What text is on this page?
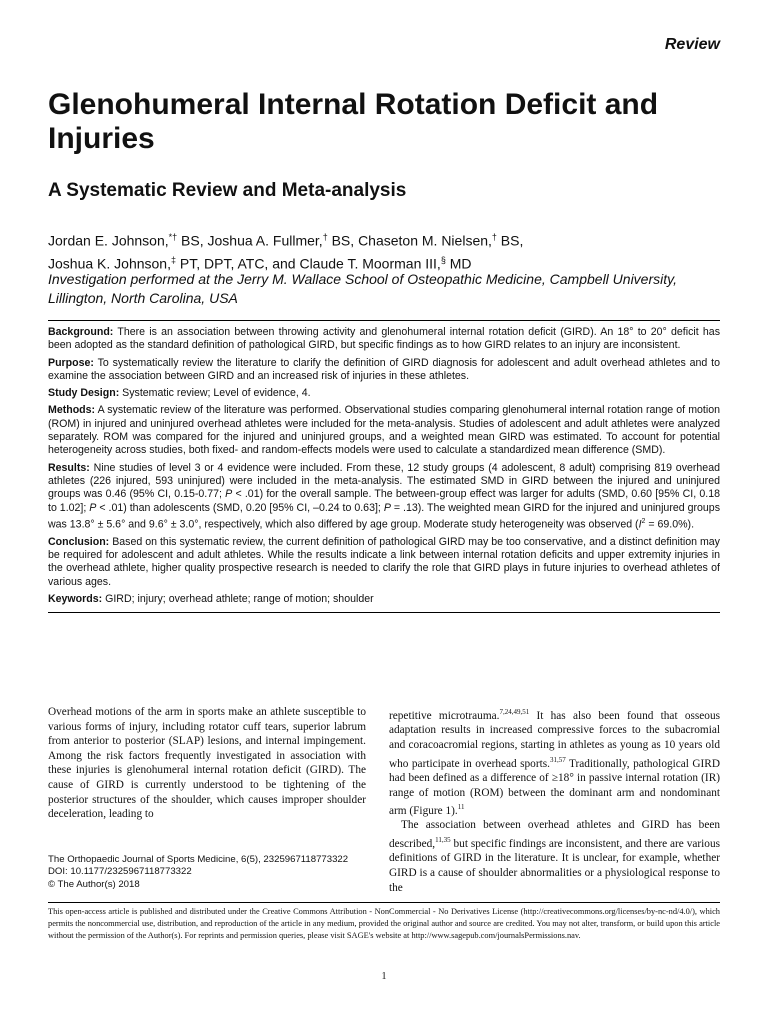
Review
Glenohumeral Internal Rotation Deficit and Injuries
A Systematic Review and Meta-analysis
Jordan E. Johnson,*† BS, Joshua A. Fullmer,† BS, Chaseton M. Nielsen,† BS,
Joshua K. Johnson,‡ PT, DPT, ATC, and Claude T. Moorman III,§ MD
Investigation performed at the Jerry M. Wallace School of Osteopathic Medicine, Campbell University, Lillington, North Carolina, USA

Background: There is an association between throwing activity and glenohumeral internal rotation deficit (GIRD). An 18° to 20° deficit has been adopted as the standard definition of pathological GIRD, but specific findings as to how GIRD relates to an injury are inconsistent.

Purpose: To systematically review the literature to clarify the definition of GIRD diagnosis for adolescent and adult overhead athletes and to examine the association between GIRD and an increased risk of injuries in these athletes.

Study Design: Systematic review; Level of evidence, 4.

Methods: A systematic review of the literature was performed. Observational studies comparing glenohumeral internal rotation range of motion (ROM) in injured and uninjured overhead athletes were included for the meta-analysis. Studies of adolescent and adult athletes were analyzed separately. ROM was compared for the injured and uninjured groups, and a weighted mean GIRD was estimated. To account for potential heterogeneity across studies, both fixed- and random-effects models were used to calculate a standardized mean difference (SMD).

Results: Nine studies of level 3 or 4 evidence were included. From these, 12 study groups (4 adolescent, 8 adult) comprising 819 overhead athletes (226 injured, 593 uninjured) were included in the meta-analysis. The estimated SMD in GIRD between the injured and uninjured groups was 0.46 (95% CI, 0.15-0.77; P < .01) for the overall sample. The between-group effect was larger for adults (SMD, 0.60 [95% CI, 0.18 to 1.02]; P < .01) than adolescents (SMD, 0.20 [95% CI, –0.24 to 0.63]; P = .13). The weighted mean GIRD for the injured and uninjured groups was 13.8° ± 5.6° and 9.6° ± 3.0°, respectively, which also differed by age group. Moderate study heterogeneity was observed $(I^2 = 69.0\%)$.

Conclusion: Based on this systematic review, the current definition of pathological GIRD may be too conservative, and a distinct definition may be required for adolescent and adult athletes. While the results indicate a link between internal rotation deficits and upper extremity injuries in the overhead athlete, higher quality prospective research is needed to clarify the role that GIRD plays in future injuries to overhead athletes of various ages.

Keywords: GIRD; injury; overhead athlete; range of motion; shoulder

Overhead motions of the arm in sports make an athlete susceptible to various forms of injury, including rotator cuff tears, superior labrum from anterior to posterior (SLAP) lesions, and internal impingement. Among the risk factors frequently investigated in association with these injuries is glenohumeral internal rotation deficit (GIRD). The cause of GIRD is currently understood to be tightening of the posterior structures of the shoulder, which causes improper shoulder deceleration, leading to

repetitive microtrauma.$^{7,24,49,51}$ It has also been found that osseous adaptation results in increased compressive forces to the subacromial and coracoacromial regions, starting in athletes as young as 10 years old who participate in overhead sports.$^{31,57}$ Traditionally, pathological GIRD had been defined as a difference of ≥18° in passive internal rotation (IR) range of motion (ROM) between the dominant arm and nondominant arm (Figure 1).$^{11}$

The association between overhead athletes and GIRD has been described,$^{11,35}$ but specific findings are inconsistent, and there are various definitions of GIRD in the literature. It is unclear, for example, whether GIRD is a cause of shoulder abnormalities or a physiological response to the

The Orthopaedic Journal of Sports Medicine, 6(5), 2325967118773322
DOI: 10.1177/2325967118773322
© The Author(s) 2018
This open-access article is published and distributed under the Creative Commons Attribution - NonCommercial - No Derivatives License (http://creativecommons.org/licenses/by-nc-nd/4.0/), which permits the noncommercial use, distribution, and reproduction of the article in any medium, provided the original author and source are credited. You may not alter, transform, or build upon this article without the permission of the Author(s). For reprints and permission queries, please visit SAGE's website at http://www.sagepub.com/journalsPermissions.nav.
1
